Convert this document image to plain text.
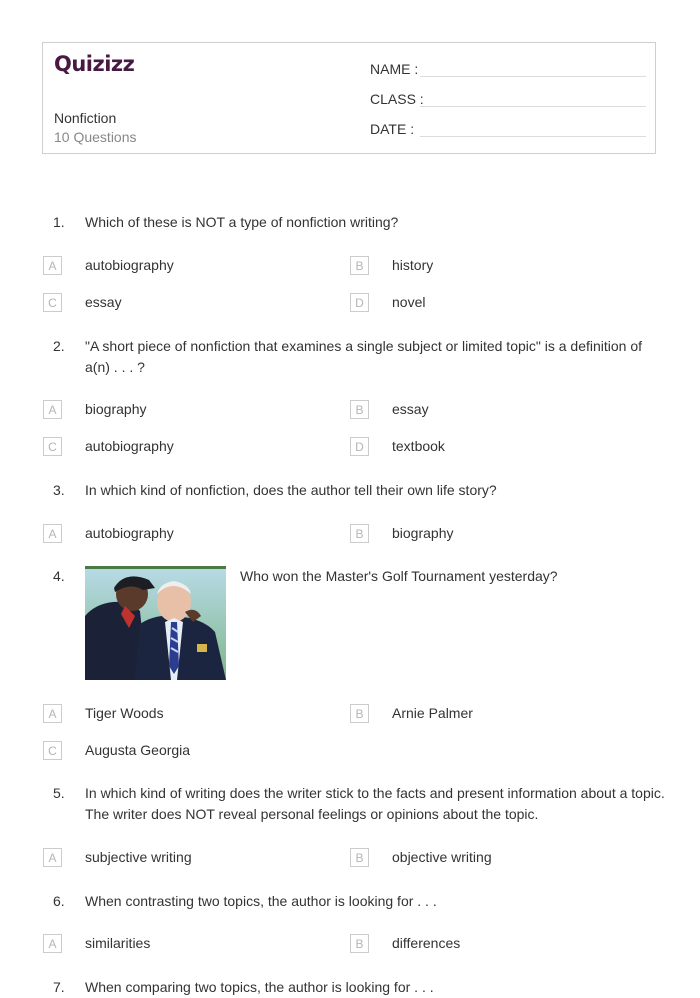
Quizizz
Nonfiction
10 Questions
NAME :
CLASS :
DATE :
1. Which of these is NOT a type of nonfiction writing?
A	autobiography	B	history
C	essay	D	novel
2. "A short piece of nonfiction that examines a single subject or limited topic" is a definition of a(n) . . . ?
A	biography	B	essay
C	autobiography	D	textbook
3. In which kind of nonfiction, does the author tell their own life story?
A	autobiography	B	biography
4.	Who won the Master's Golf Tournament yesterday?
A	Tiger Woods	B	Arnie Palmer
C	Augusta Georgia
5. In which kind of writing does the writer stick to the facts and present information about a topic. The writer does NOT reveal personal feelings or opinions about the topic.
A	subjective writing	B	objective writing
6. When contrasting two topics, the author is looking for . . .
A	similarities	B	differences
7. When comparing two topics, the author is looking for . . .
